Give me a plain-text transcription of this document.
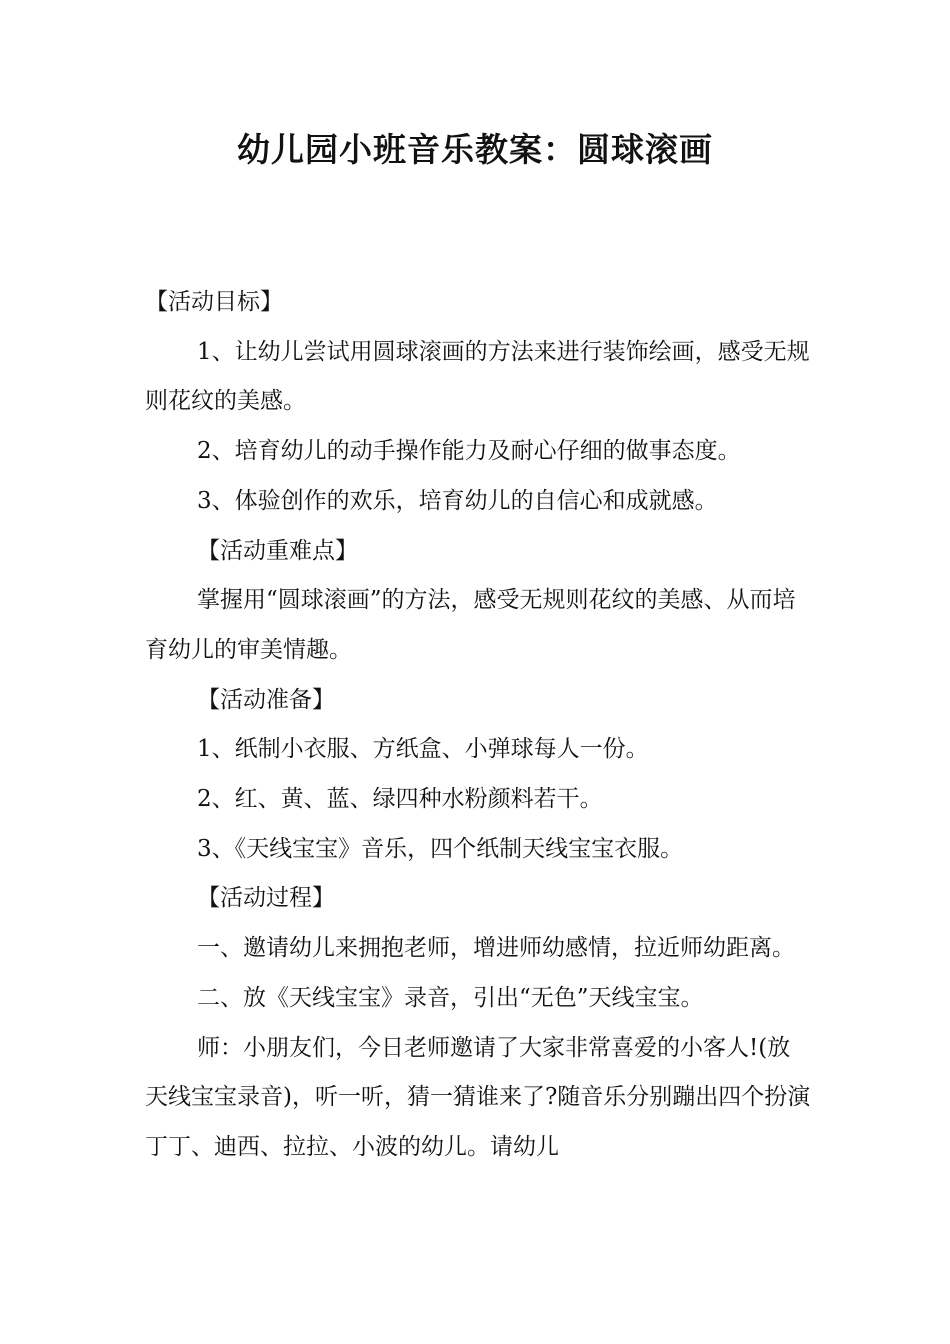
幼儿园小班音乐教案：圆球滚画

【活动目标】

1、让幼儿尝试用圆球滚画的方法来进行装饰绘画，感受无规则花纹的美感。

2、培育幼儿的动手操作能力及耐心仔细的做事态度。

3、体验创作的欢乐，培育幼儿的自信心和成就感。

【活动重难点】

掌握用“圆球滚画”的方法，感受无规则花纹的美感、从而培育幼儿的审美情趣。

【活动准备】

1、纸制小衣服、方纸盒、小弹球每人一份。

2、红、黄、蓝、绿四种水粉颜料若干。

3、《天线宝宝》音乐，四个纸制天线宝宝衣服。

【活动过程】

一、邀请幼儿来拥抱老师，增进师幼感情，拉近师幼距离。

二、放《天线宝宝》录音，引出“无色”天线宝宝。

师：小朋友们，今日老师邀请了大家非常喜爱的小客人!(放天线宝宝录音)，听一听，猜一猜谁来了?随音乐分别蹦出四个扮演丁丁、迪西、拉拉、小波的幼儿。请幼儿
